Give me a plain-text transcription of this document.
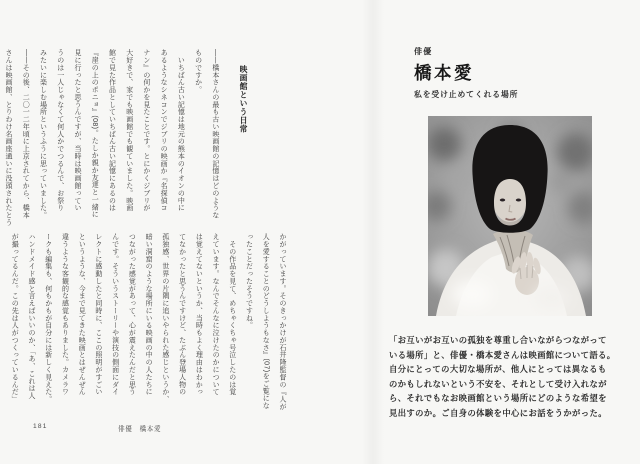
映画館という日常

——橋本さんの最も古い映画館の記憶はどのような

ものですか。

　いちばん古い記憶は地元の熊本のイオンの中に

あるようなシネコンでジブリの映画か『名探偵コ

ナン』の何かを見たことです。とにかくジブリが

大好きで、家でも映画館でも観ていました。映画

館で見た作品としていちばん古い記憶にあるのは

『崖の上のポニョ』(08)。たしか親か友達と一緒に

見に行ったと思うんですが、当時は映画館ってい

うのは一人じゃなくて何人かでつるんで、お祭り

みたいに楽しむ場所というふうに思っていました。

——その後、二〇一二年頃に上京されてから、橋本

さんは映画館、とりわけ名画座通いに没頭されたとう

かがっています。そのきっかけが石井隆監督の『人が

人を愛することのどうしようもなさ』(07)をご覧にな

ったことだったそうですね。

　その作品を見て、めちゃくちゃ号泣したのは覚

えています。なんでそんなに泣けたのかについて

は覚えてないというか、当時もよく理由はわかっ

てなかったと思うんですけど、たぶん登場人物の

孤独感、世界の片隅に追いやられた感じというか、

暗い洞窟のような場所にいる映画の中の人たちに

つながった感覚があって、心が震えたんだと思う

んです。そういうストーリーや演技の側面にダイ

レクトに感動したと同時に、ここの照明がすごい

というような、今まで見てきた映画とはぜんぜん

違うような客観的な感覚もありました。カメラワ

ークも編集も、何もかもが自分には新しく見えた。

ハンドメイド感と言えばいいのか、「あ、これは人

が撮ってるんだ。この先は人がつくっているんだ」

181	俳優　橋本愛
俳優
橋本愛
私を受け止めてくれる場所

「お互いがお互いの孤独を尊重し合いながらつながって

いる場所」と、俳優・橋本愛さんは映画館について語る。

自分にとっての大切な場所が、他人にとっては異なるも

のかもしれないという不安を、それとして受け入れなが

ら、それでもなお映画館という場所にどのような希望を

見出すのか。ご自身の体験を中心にお話をうかがった。
